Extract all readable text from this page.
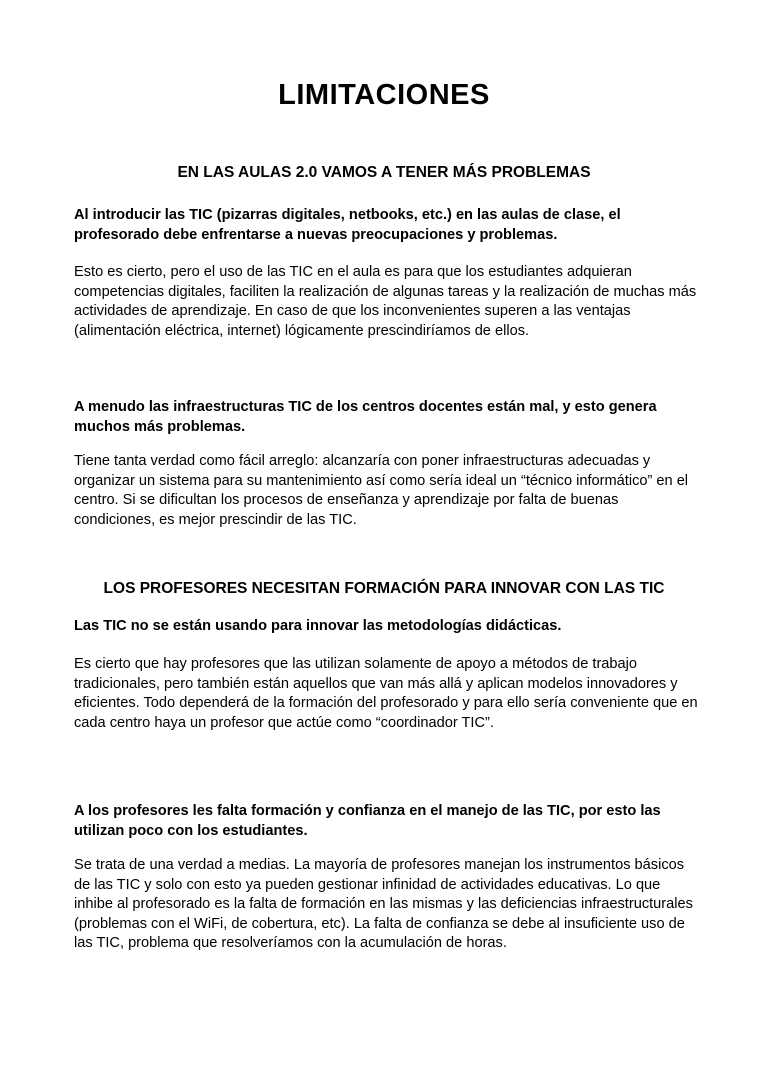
LIMITACIONES
EN LAS AULAS 2.0 VAMOS A TENER MÁS PROBLEMAS
Al introducir las TIC (pizarras digitales, netbooks, etc.) en las aulas de clase, el profesorado debe enfrentarse a nuevas preocupaciones y problemas.
Esto es cierto, pero el uso de las TIC en el aula es para que los estudiantes adquieran competencias digitales, faciliten la realización de algunas tareas y la realización de muchas más actividades de aprendizaje. En caso de que los inconvenientes superen a las ventajas (alimentación eléctrica, internet) lógicamente prescindiríamos de ellos.
A menudo las infraestructuras TIC de los centros docentes están mal, y esto genera muchos más problemas.
Tiene tanta verdad como fácil arreglo: alcanzaría con poner infraestructuras adecuadas y organizar un sistema para su mantenimiento así como sería ideal un “técnico informático” en el centro. Si se dificultan los procesos de enseñanza y aprendizaje por falta de buenas condiciones, es mejor prescindir de las TIC.
LOS PROFESORES NECESITAN FORMACIÓN PARA INNOVAR CON LAS TIC
Las TIC no se están usando para innovar las metodologías didácticas.
Es cierto que hay profesores que las utilizan solamente de apoyo a métodos de trabajo tradicionales, pero también están aquellos que van más allá y aplican modelos innovadores y eficientes. Todo dependerá de la formación del profesorado y para ello sería conveniente que en cada centro haya un profesor que actúe como “coordinador TIC”.
A los profesores les falta formación y confianza en el manejo de las TIC, por esto las utilizan poco con los estudiantes.
Se trata de una verdad a medias. La mayoría de profesores manejan los instrumentos básicos de las TIC y solo con esto ya pueden gestionar infinidad de actividades educativas. Lo que inhibe al profesorado es la falta de formación en las mismas y las deficiencias infraestructurales (problemas con el WiFi, de cobertura, etc). La falta de confianza se debe al insuficiente uso de las TIC, problema que resolveríamos con la acumulación de horas.
